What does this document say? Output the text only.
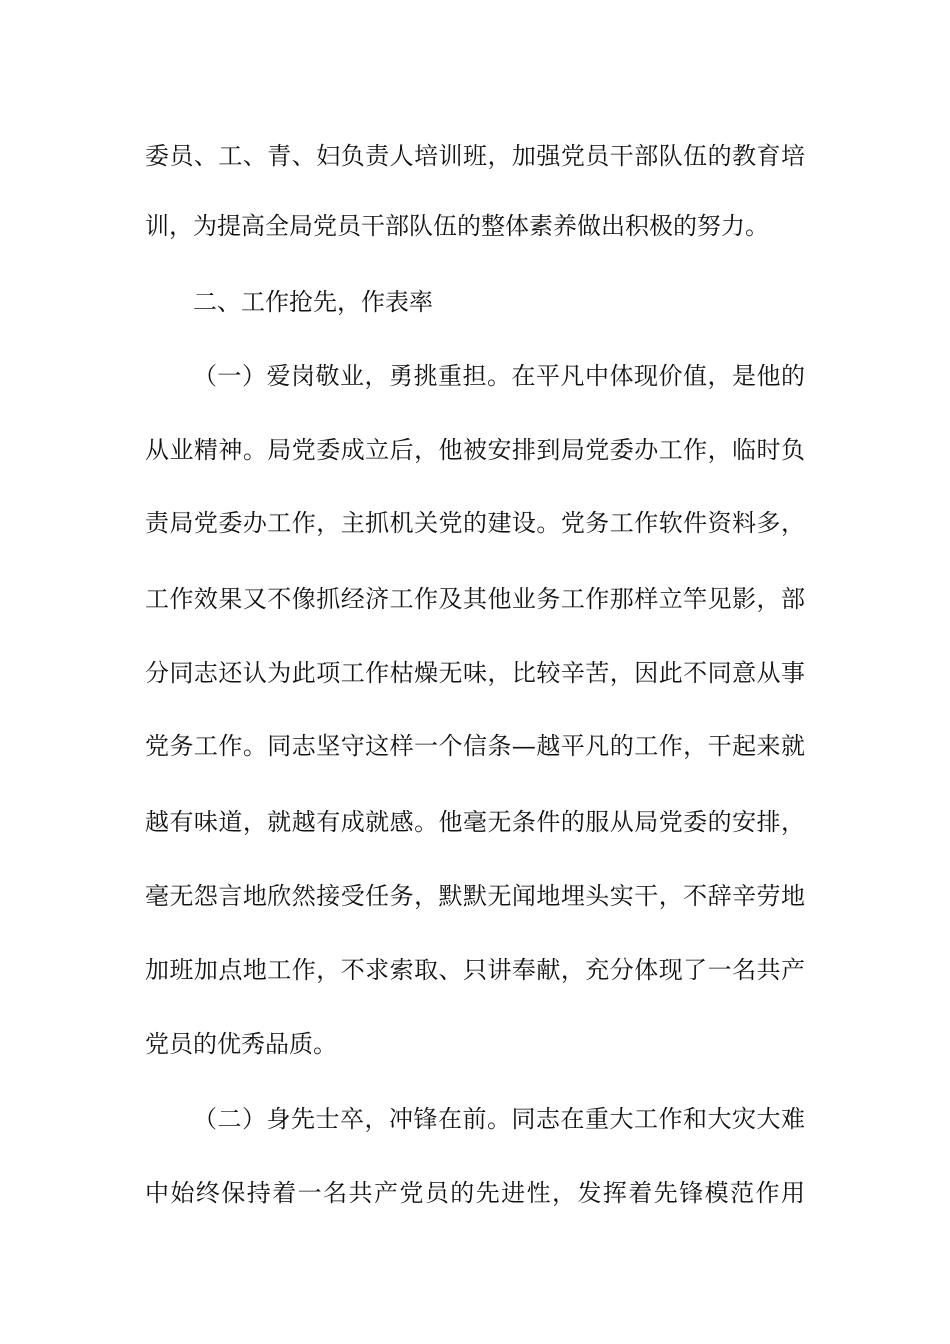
委员、工、青、妇负责人培训班，加强党员干部队伍的教育培
训，为提高全局党员干部队伍的整体素养做出积极的努力。
二、工作抢先，作表率
（一）爱岗敬业，勇挑重担。在平凡中体现价值，是他的
从业精神。局党委成立后，他被安排到局党委办工作，临时负
责局党委办工作，主抓机关党的建设。党务工作软件资料多，
工作效果又不像抓经济工作及其他业务工作那样立竿见影，部
分同志还认为此项工作枯燥无味，比较辛苦，因此不同意从事
党务工作。同志坚守这样一个信条—越平凡的工作，干起来就
越有味道，就越有成就感。他毫无条件的服从局党委的安排，
毫无怨言地欣然接受任务，默默无闻地埋头实干，不辞辛劳地
加班加点地工作，不求索取、只讲奉献，充分体现了一名共产
党员的优秀品质。
（二）身先士卒，冲锋在前。同志在重大工作和大灾大难
中始终保持着一名共产党员的先进性，发挥着先锋模范作用
